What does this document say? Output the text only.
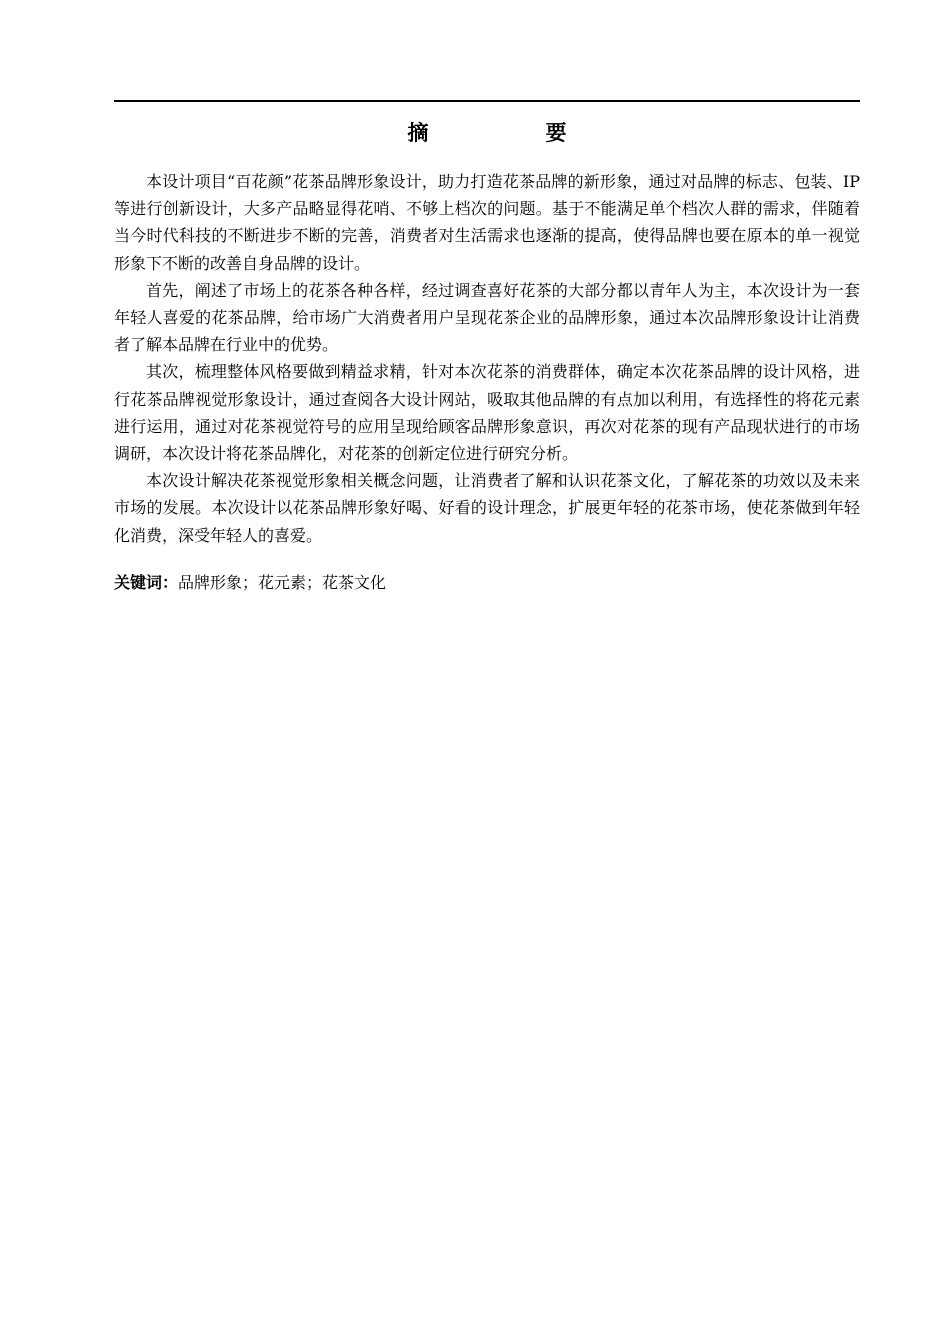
摘　要

本设计项目“百花颜”花茶品牌形象设计，助力打造花茶品牌的新形象，通过对品牌的标志、包装、IP等进行创新设计，大多产品略显得花哨、不够上档次的问题。基于不能满足单个档次人群的需求，伴随着当今时代科技的不断进步不断的完善，消费者对生活需求也逐渐的提高，使得品牌也要在原本的单一视觉形象下不断的改善自身品牌的设计。

首先，阐述了市场上的花茶各种各样，经过调查喜好花茶的大部分都以青年人为主，本次设计为一套年轻人喜爱的花茶品牌，给市场广大消费者用户呈现花茶企业的品牌形象，通过本次品牌形象设计让消费者了解本品牌在行业中的优势。

其次，梳理整体风格要做到精益求精，针对本次花茶的消费群体，确定本次花茶品牌的设计风格，进行花茶品牌视觉形象设计，通过查阅各大设计网站，吸取其他品牌的有点加以利用，有选择性的将花元素进行运用，通过对花茶视觉符号的应用呈现给顾客品牌形象意识，再次对花茶的现有产品现状进行的市场调研，本次设计将花茶品牌化，对花茶的创新定位进行研究分析。

本次设计解决花茶视觉形象相关概念问题，让消费者了解和认识花茶文化，了解花茶的功效以及未来市场的发展。本次设计以花茶品牌形象好喝、好看的设计理念，扩展更年轻的花茶市场，使花茶做到年轻化消费，深受年轻人的喜爱。

关键词：品牌形象；花元素；花茶文化
